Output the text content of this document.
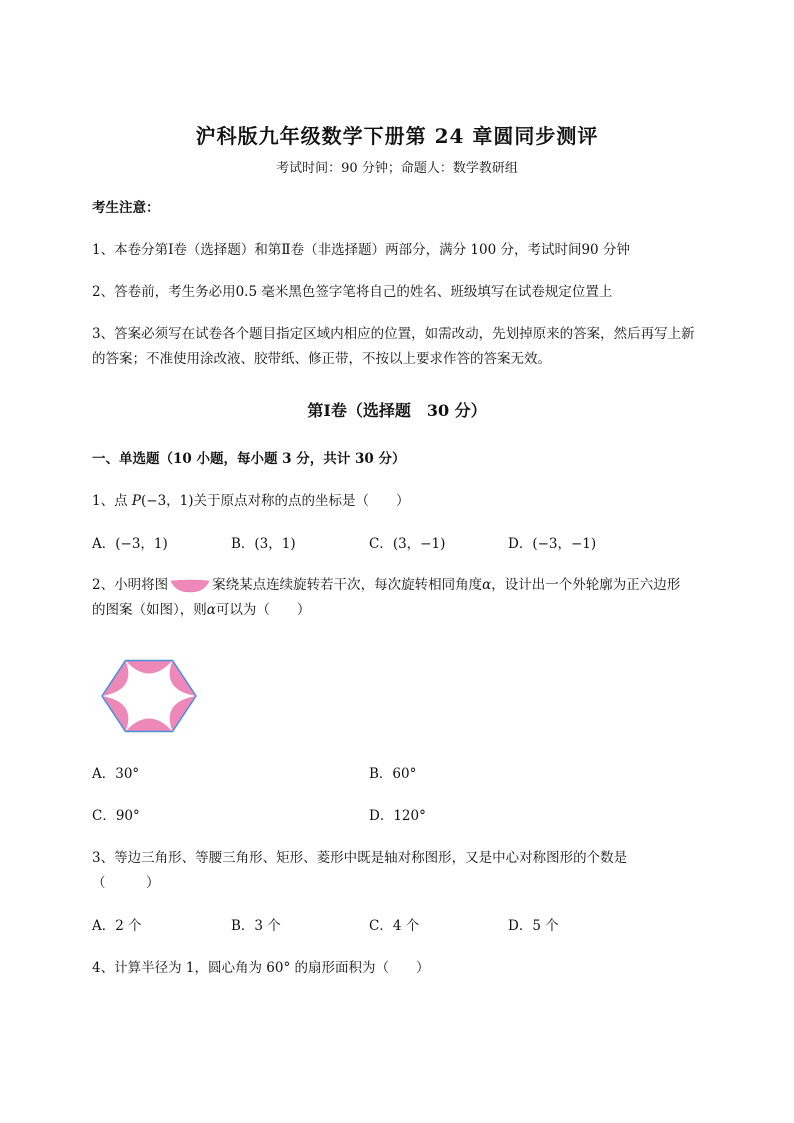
沪科版九年级数学下册第 24 章圆同步测评
考试时间：90 分钟；命题人：数学教研组
考生注意：
1、本卷分第Ⅰ卷（选择题）和第Ⅱ卷（非选择题）两部分，满分 100 分，考试时间90 分钟
2、答卷前，考生务必用0.5 毫米黑色签字笔将自己的姓名、班级填写在试卷规定位置上
3、答案必须写在试卷各个题目指定区域内相应的位置，如需改动，先划掉原来的答案，然后再写上新
的答案；不准使用涂改液、胶带纸、修正带，不按以上要求作答的答案无效。
第Ⅰ卷（选择题　30 分）
一、单选题（10 小题，每小题 3 分，共计 30 分）
1、点 P(−3，1)关于原点对称的点的坐标是（　　）
A．(−3，1)	B．(3，1)	C．(3，−1)	D．(−3，−1)
2、小明将图	案绕某点连续旋转若干次，每次旋转相同角度α，设计出一个外轮廓为正六边形
的图案（如图），则α可以为（　　）
A．30°	B．60°
C．90°	D．120°
3、等边三角形、等腰三角形、矩形、菱形中既是轴对称图形，又是中心对称图形的个数是
（　　　）
A．2 个	B．3 个	C．4 个	D．5 个
4、计算半径为 1，圆心角为 60° 的扇形面积为（　　）
